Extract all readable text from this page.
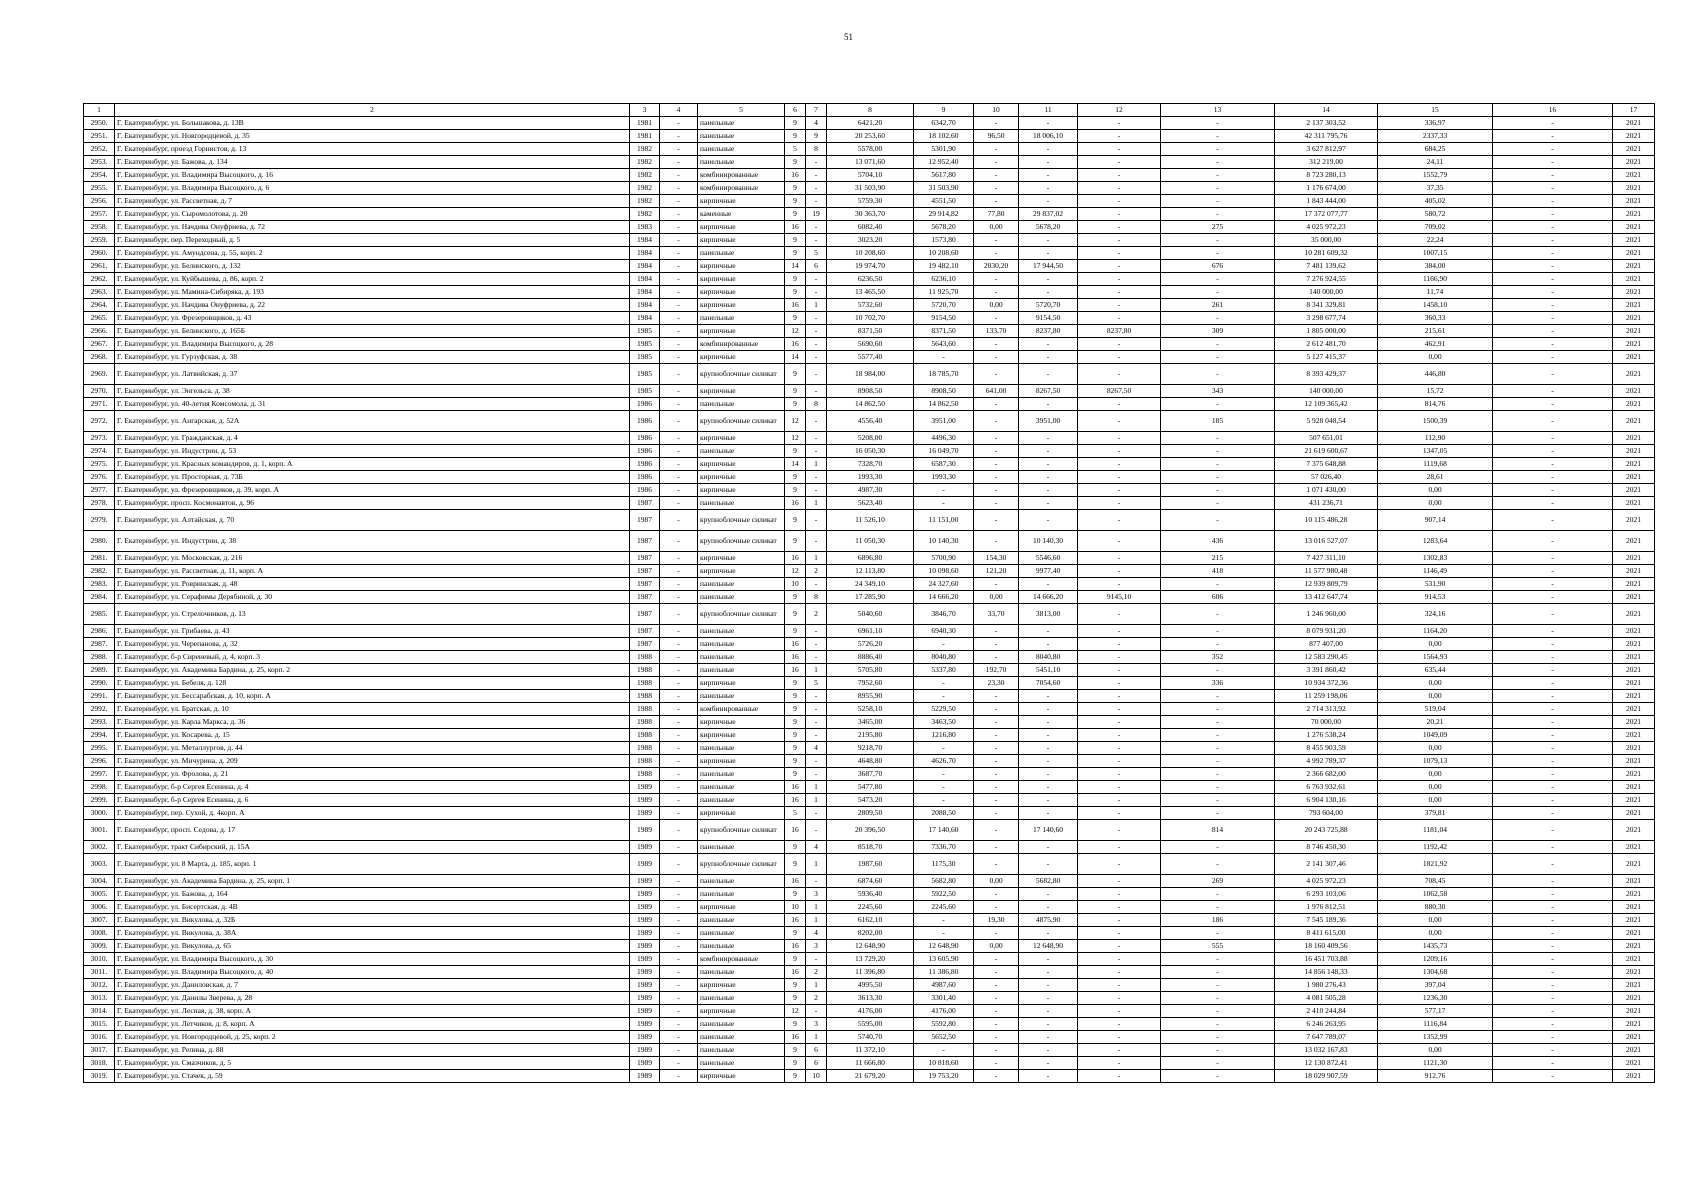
51
1	2	3	4	5	6	7	8	9	10	11	12	13	14	15	16	17
2950.	Г. Екатеринбург, ул. Большакова, д. 13В	1981	-	панельные	9	4	6421,20	6342,70	-	-	-	-	2 137 303,52	336,97	-	2021
2951.	Г. Екатеринбург, ул. Новгородцевой, д. 35	1981	-	панельные	9	9	20 253,60	18 102,60	96,50	18 006,10	-	-	42 311 795,76	2337,33	-	2021
2952.	Г. Екатеринбург, проезд Горнистов, д. 13	1982	-	панельные	5	8	5578,00	5301,90	-	-	-	-	3 627 812,97	684,25	-	2021
2953.	Г. Екатеринбург, ул. Бажова, д. 134	1982	-	панельные	9	-	13 071,60	12 952,40	-	-	-	-	312 219,00	24,11	-	2021
2954.	Г. Екатеринбург, ул. Владимира Высоцкого, д. 16	1982	-	комбинированные	16	-	5704,10	5617,80	-	-	-	-	8 723 280,13	1552,79	-	2021
2955.	Г. Екатеринбург, ул. Владимира Высоцкого, д. 6	1982	-	комбинированные	9	-	31 503,90	31 503,90	-	-	-	-	1 176 674,00	37,35	-	2021
2956.	Г. Екатеринбург, ул. Рассветная, д. 7	1982	-	кирпичные	9	-	5759,30	4551,50	-	-	-	-	1 843 444,00	405,02	-	2021
2957.	Г. Екатеринбург, ул. Сыромолотова, д. 20	1982	-	каменные	9	19	30 363,70	29 914,82	77,80	29 837,02	-	-	17 372 077,77	580,72	-	2021
2958.	Г. Екатеринбург, ул. Начдива Онуфриева, д. 72	1983	-	кирпичные	16	-	6082,40	5678,20	0,00	5678,20	-	275	4 025 972,23	709,02	-	2021
2959.	Г. Екатеринбург, пер. Переходный, д. 5	1984	-	кирпичные	9	-	3023,20	1573,80	-	-	-	-	35 000,00	22,24	-	2021
2960.	Г. Екатеринбург, ул. Амундсена, д. 55, корп. 2	1984	-	панельные	9	5	10 208,60	10 208,60	-	-	-	-	10 281 609,32	1007,15	-	2021
2961.	Г. Екатеринбург, ул. Белинского, д. 132	1984	-	кирпичные	14	6	19 974,70	19 482,10	2030,20	17 944,50	-	676	7 481 139,62	384,00	-	2021
2962.	Г. Екатеринбург, ул. Куйбышева, д. 86, корп. 2	1984	-	кирпичные	9	-	6236,50	6236,10	-	-	-	-	7 276 924,55	1166,90	-	2021
2963.	Г. Екатеринбург, ул. Мамина-Сибиряка, д. 193	1984	-	кирпичные	9	-	13 465,50	11 925,70	-	-	-	-	140 000,00	11,74	-	2021
2964.	Г. Екатеринбург, ул. Начдива Онуфриева, д. 22	1984	-	кирпичные	16	1	5732,60	5720,70	0,00	5720,70	-	261	8 341 329,81	1458,10	-	2021
2965.	Г. Екатеринбург, ул. Фрезеровщиков, д. 43	1984	-	панельные	9	-	10 702,70	9154,50	-	9154,50	-	-	3 298 677,74	360,33	-	2021
2966.	Г. Екатеринбург, ул. Белинского, д. 165Б	1985	-	кирпичные	12	-	8371,50	8371,50	133,70	8237,80	8237,80	309	1 805 000,00	215,61	-	2021
2967.	Г. Екатеринбург, ул. Владимира Высоцкого, д. 28	1985	-	комбинированные	16	-	5690,60	5643,60	-	-	-	-	2 612 481,70	462,91	-	2021
2968.	Г. Екатеринбург, ул. Гурзуфская, д. 38	1985	-	кирпичные	14	-	5577,40	-	-	-	-	-	5 127 415,37	0,00	-	2021
2969.	Г. Екатеринбург, ул. Латвийская, д. 37	1985	-	крупноблочные силикат	9	-	18 984,00	18 785,70	-	-	-	-	8 393 429,37	446,80	-	2021
2970.	Г. Екатеринбург, ул. Энгельса, д. 38	1985	-	кирпичные	9	-	8908,50	8908,50	641,00	8267,50	8267,50	343	140 000,00	15,72	-	2021
2971.	Г. Екатеринбург, ул. 40-летия Комсомола, д. 31	1986	-	панельные	9	8	14 862,50	14 862,50	-	-	-	-	12 109 365,42	814,76	-	2021
2972.	Г. Екатеринбург, ул. Ангарская, д. 52А	1986	-	крупноблочные силикат	12	-	4556,40	3951,00	-	3951,00	-	185	5 928 048,54	1500,39	-	2021
2973.	Г. Екатеринбург, ул. Гражданская, д. 4	1986	-	кирпичные	12	-	5208,00	4496,30	-	-	-	-	507 651,01	112,90	-	2021
2974.	Г. Екатеринбург, ул. Индустрии, д. 53	1986	-	панельные	9	-	16 050,30	16 049,70	-	-	-	-	21 619 600,67	1347,05	-	2021
2975.	Г. Екатеринбург, ул. Красных командиров, д. 1, корп. А	1986	-	кирпичные	14	1	7328,70	6587,30	-	-	-	-	7 375 648,88	1119,68	-	2021
2976.	Г. Екатеринбург, ул. Просторная, д. 73Б	1986	-	кирпичные	9	-	1993,30	1993,30	-	-	-	-	57 026,40	28,61	-	2021
2977.	Г. Екатеринбург, ул. Фрезеровщиков, д. 39, корп. А	1986	-	кирпичные	9	-	4987,30	-	-	-	-	-	1 071 430,00	0,00	-	2021
2978.	Г. Екатеринбург, просп. Космонавтов, д. 96	1987	-	панельные	16	1	5623,40	-	-	-	-	-	431 236,71	0,00	-	2021
2979.	Г. Екатеринбург, ул. Алтайская, д. 70	1987	-	крупноблочные силикат	9	-	11 526,10	11 151,00	-	-	-	-	10 115 486,28	907,14	-	2021
2980.	Г. Екатеринбург, ул. Индустрии, д. 38	1987	-	крупноблочные силикат	9	-	11 050,30	10 140,30	-	10 140,30	-	436	13 016 527,07	1283,64	-	2021
2981.	Г. Екатеринбург, ул. Московская, д. 216	1987	-	кирпичные	16	1	6896,80	5700,90	154,30	5546,60	-	215	7 427 311,10	1302,83	-	2021
2982.	Г. Екатеринбург, ул. Рассветная, д. 11, корп. А	1987	-	кирпичные	12	2	12 113,80	10 098,60	121,20	9977,40	-	418	11 577 980,48	1146,49	-	2021
2983.	Г. Екатеринбург, ул. Ровринская, д. 48	1987	-	панельные	10	-	24 349,10	24 327,60	-	-	-	-	12 939 809,79	531,90	-	2021
2984.	Г. Екатеринбург, ул. Серафимы Дерябиной, д. 30	1987	-	панельные	9	8	17 285,90	14 666,20	0,00	14 666,20	9145,10	606	13 412 647,74	914,53	-	2021
2985.	Г. Екатеринбург, ул. Стрелочников, д. 13	1987	-	крупноблочные силикат	9	2	5040,60	3846,70	33,70	3813,00	-	-	1 246 960,00	324,16	-	2021
2986.	Г. Екатеринбург, ул. Грибаева, д. 43	1987	-	панельные	9	-	6961,10	6940,30	-	-	-	-	8 079 931,20	1164,20	-	2021
2987.	Г. Екатеринбург, ул. Черепанова, д. 32	1987	-	панельные	16	-	5726,20	-	-	-	-	-	877 407,00	0,00	-	2021
2988.	Г. Екатеринбург, б-р Сиреневый, д. 4, корп. 3	1988	-	панельные	16	-	8886,40	8040,80	-	8040,80	-	352	12 583 290,45	1564,93	-	2021
2989.	Г. Екатеринбург, ул. Академика Бардина, д. 25, корп. 2	1988	-	панельные	16	1	5705,80	5337,80	192,70	5451,10	-	-	3 391 860,42	635,44	-	2021
2990.	Г. Екатеринбург, ул. Бебеля, д. 128	1988	-	кирпичные	9	5	7952,60	-	23,30	7054,60	-	336	10 934 372,36	0,00	-	2021
2991.	Г. Екатеринбург, ул. Бессарабская, д. 10, корп. А	1988	-	панельные	9	-	8955,90	-	-	-	-	-	11 259 198,06	0,00	-	2021
2992.	Г. Екатеринбург, ул. Братская, д. 10	1988	-	комбинированные	9	-	5258,10	5229,50	-	-	-	-	2 714 313,92	519,04	-	2021
2993.	Г. Екатеринбург, ул. Карла Маркса, д. 36	1988	-	кирпичные	9	-	3465,00	3463,50	-	-	-	-	70 000,00	20,21	-	2021
2994.	Г. Екатеринбург, ул. Косарева, д. 15	1988	-	кирпичные	9	-	2195,80	1216,80	-	-	-	-	1 276 538,24	1049,09	-	2021
2995.	Г. Екатеринбург, ул. Металлургов, д. 44	1988	-	панельные	9	4	9218,70	-	-	-	-	-	8 455 903,59	0,00	-	2021
2996.	Г. Екатеринбург, ул. Мичурина, д. 209	1988	-	кирпичные	9	-	4648,80	4626,70	-	-	-	-	4 992 789,37	1079,13	-	2021
2997.	Г. Екатеринбург, ул. Фролова, д. 21	1988	-	панельные	9	-	3687,70	-	-	-	-	-	2 366 682,00	0,00	-	2021
2998.	Г. Екатеринбург, б-р Сергея Есенина, д. 4	1989	-	панельные	16	1	5477,80	-	-	-	-	-	6 763 932,61	0,00	-	2021
2999.	Г. Екатеринбург, б-р Сергея Есенина, д. 6	1989	-	панельные	16	1	5473,20	-	-	-	-	-	6 904 130,16	0,00	-	2021
3000.	Г. Екатеринбург, пер. Сухой, д. 4корп. А	1989	-	кирпичные	5	-	2809,50	2088,50	-	-	-	-	793 604,00	379,81	-	2021
3001.	Г. Екатеринбург, просп. Седова, д. 17	1989	-	крупноблочные силикат	16	-	20 396,50	17 140,60	-	17 140,60	-	814	20 243 725,88	1181,04	-	2021
3002.	Г. Екатеринбург, тракт Сибирский, д. 15А	1989	-	панельные	9	4	8518,70	7336,70	-	-	-	-	8 746 450,30	1192,42	-	2021
3003.	Г. Екатеринбург, ул. 8 Марта, д. 185, корп. 1	1989	-	крупноблочные силикат	9	1	1987,60	1175,30	-	-	-	-	2 141 307,46	1821,92	-	2021
3004.	Г. Екатеринбург, ул. Академика Бардина, д. 25, корп. 1	1989	-	панельные	16	-	6874,60	5682,80	0,00	5682,80	-	269	4 025 972,23	708,45	-	2021
3005.	Г. Екатеринбург, ул. Бажова, д. 164	1989	-	панельные	9	3	5936,40	5922,50	-	-	-	-	6 293 103,06	1062,58	-	2021
3006.	Г. Екатеринбург, ул. Бисертская, д. 4В	1989	-	кирпичные	10	1	2245,60	2245,60	-	-	-	-	1 976 812,51	880,30	-	2021
3007.	Г. Екатеринбург, ул. Викулова, д. 32Б	1989	-	панельные	16	1	6162,10	-	19,30	4875,90	-	186	7 545 189,36	0,00	-	2021
3008.	Г. Екатеринбург, ул. Викулова, д. 38А	1989	-	панельные	9	4	8202,00	-	-	-	-	-	8 411 615,00	0,00	-	2021
3009.	Г. Екатеринбург, ул. Викулова, д. 65	1989	-	панельные	16	3	12 648,90	12 648,90	0,00	12 648,90	-	555	18 160 409,56	1435,73	-	2021
3010.	Г. Екатеринбург, ул. Владимира Высоцкого, д. 30	1989	-	комбинированные	9	-	13 729,20	13 605,90	-	-	-	-	16 451 703,88	1209,16	-	2021
3011.	Г. Екатеринбург, ул. Владимира Высоцкого, д. 40	1989	-	панельные	16	2	11 396,80	11 386,80	-	-	-	-	14 856 148,33	1304,68	-	2021
3012.	Г. Екатеринбург, ул. Даниловская, д. 7	1989	-	кирпичные	9	1	4995,50	4987,60	-	-	-	-	1 980 276,43	397,04	-	2021
3013.	Г. Екатеринбург, ул. Данилы Зверева, д. 28	1989	-	панельные	9	2	3613,30	3301,40	-	-	-	-	4 081 505,28	1236,30	-	2021
3014.	Г. Екатеринбург, ул. Лесная, д. 38, корп. А	1989	-	кирпичные	12	-	4176,00	4176,00	-	-	-	-	2 410 244,84	577,17	-	2021
3015.	Г. Екатеринбург, ул. Летчиков, д. 8, корп. А	1989	-	панельные	9	3	5595,00	5592,80	-	-	-	-	6 246 263,95	1116,84	-	2021
3016.	Г. Екатеринбург, ул. Новгородцевой, д. 25, корп. 2	1989	-	панельные	16	1	5740,70	5652,50	-	-	-	-	7 647 789,07	1352,99	-	2021
3017.	Г. Екатеринбург, ул. Репина, д. 88	1989	-	панельные	9	6	11 372,10	-	-	-	-	-	13 032 167,83	0,00	-	2021
3018.	Г. Екатеринбург, ул. Смазчиков, д. 5	1989	-	панельные	9	6	11 666,80	10 818,60	-	-	-	-	12 130 872,41	1121,30	-	2021
3019.	Г. Екатеринбург, ул. Стачек, д. 59	1989	-	кирпичные	9	10	21 679,20	19 753,20	-	-	-	-	18 029 907,59	912,76	-	2021
